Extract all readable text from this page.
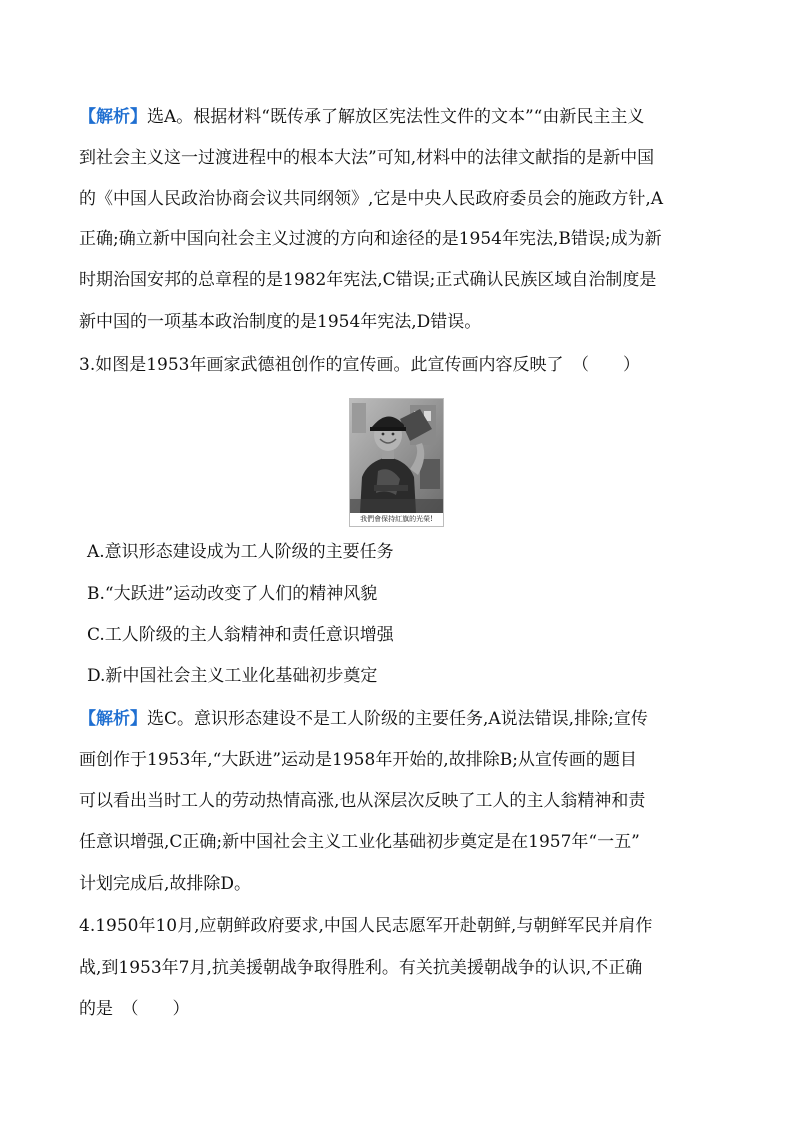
【解析】选A。根据材料“既传承了解放区宪法性文件的文本”“由新民主主义
到社会主义这一过渡进程中的根本大法”可知,材料中的法律文献指的是新中国
的《中国人民政治协商会议共同纲领》,它是中央人民政府委员会的施政方针,A
正确;确立新中国向社会主义过渡的方向和途径的是1954年宪法,B错误;成为新
时期治国安邦的总章程的是1982年宪法,C错误;正式确认民族区域自治制度是
新中国的一项基本政治制度的是1954年宪法,D错误。
3.如图是1953年画家武德祖创作的宣传画。此宣传画内容反映了　（　　）
我們會保持紅旗的光榮!
A.意识形态建设成为工人阶级的主要任务
B.“大跃进”运动改变了人们的精神风貌
C.工人阶级的主人翁精神和责任意识增强
D.新中国社会主义工业化基础初步奠定
【解析】选C。意识形态建设不是工人阶级的主要任务,A说法错误,排除;宣传
画创作于1953年,“大跃进”运动是1958年开始的,故排除B;从宣传画的题目
可以看出当时工人的劳动热情高涨,也从深层次反映了工人的主人翁精神和责
任意识增强,C正确;新中国社会主义工业化基础初步奠定是在1957年“一五”
计划完成后,故排除D。
4.1950年10月,应朝鲜政府要求,中国人民志愿军开赴朝鲜,与朝鲜军民并肩作
战,到1953年7月,抗美援朝战争取得胜利。有关抗美援朝战争的认识,不正确
的是　（　　）
